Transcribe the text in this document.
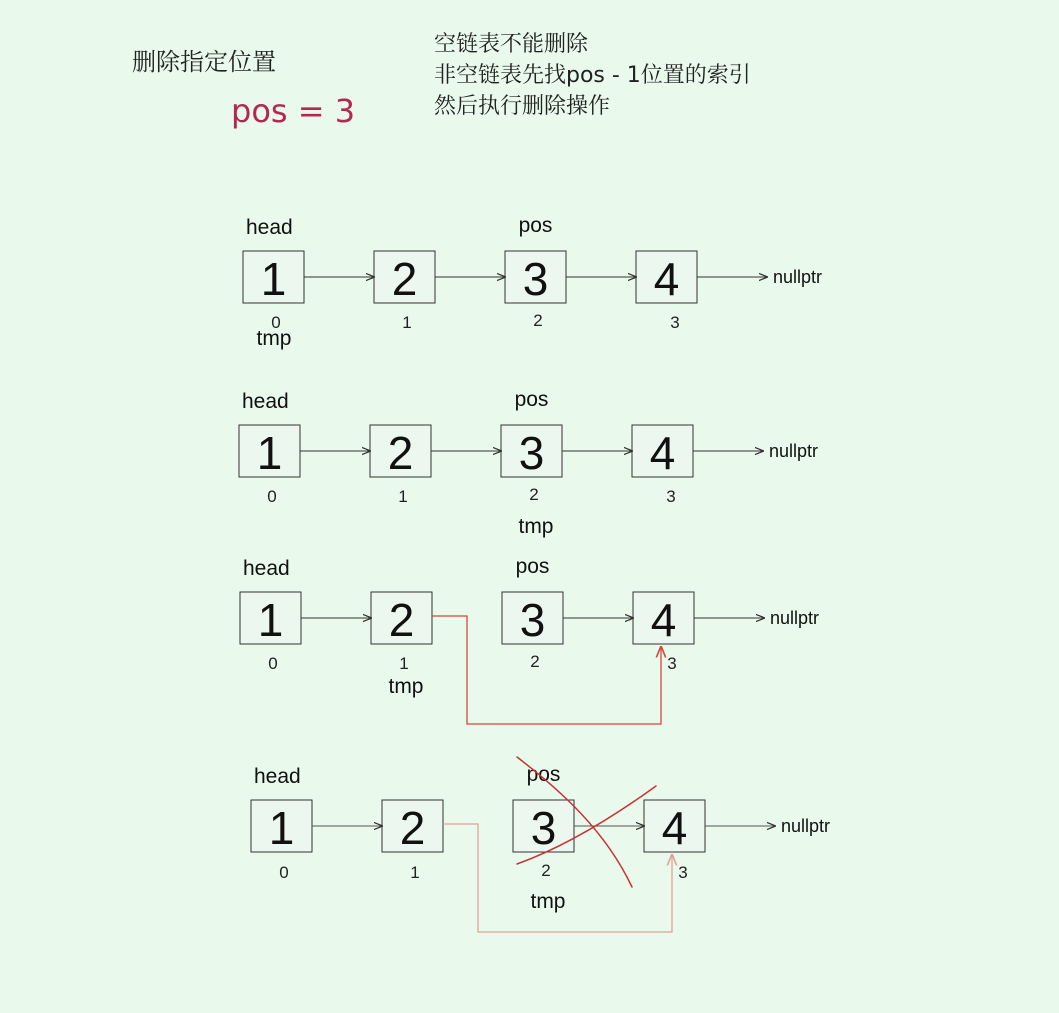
删除指定位置
pos = 3
空链表不能删除
非空链表先找pos - 1位置的索引
然后执行删除操作
1
0
2
1
3
2
4
3
head	pos
tmp
nullptr
1
0
2
1
3
2
4
3
head	pos
tmp
nullptr
1
0
2
1
3
2
4
3
head	pos
tmp
nullptr
1
0
2
1
3
2
4
3
head	pos
tmp
nullptr
